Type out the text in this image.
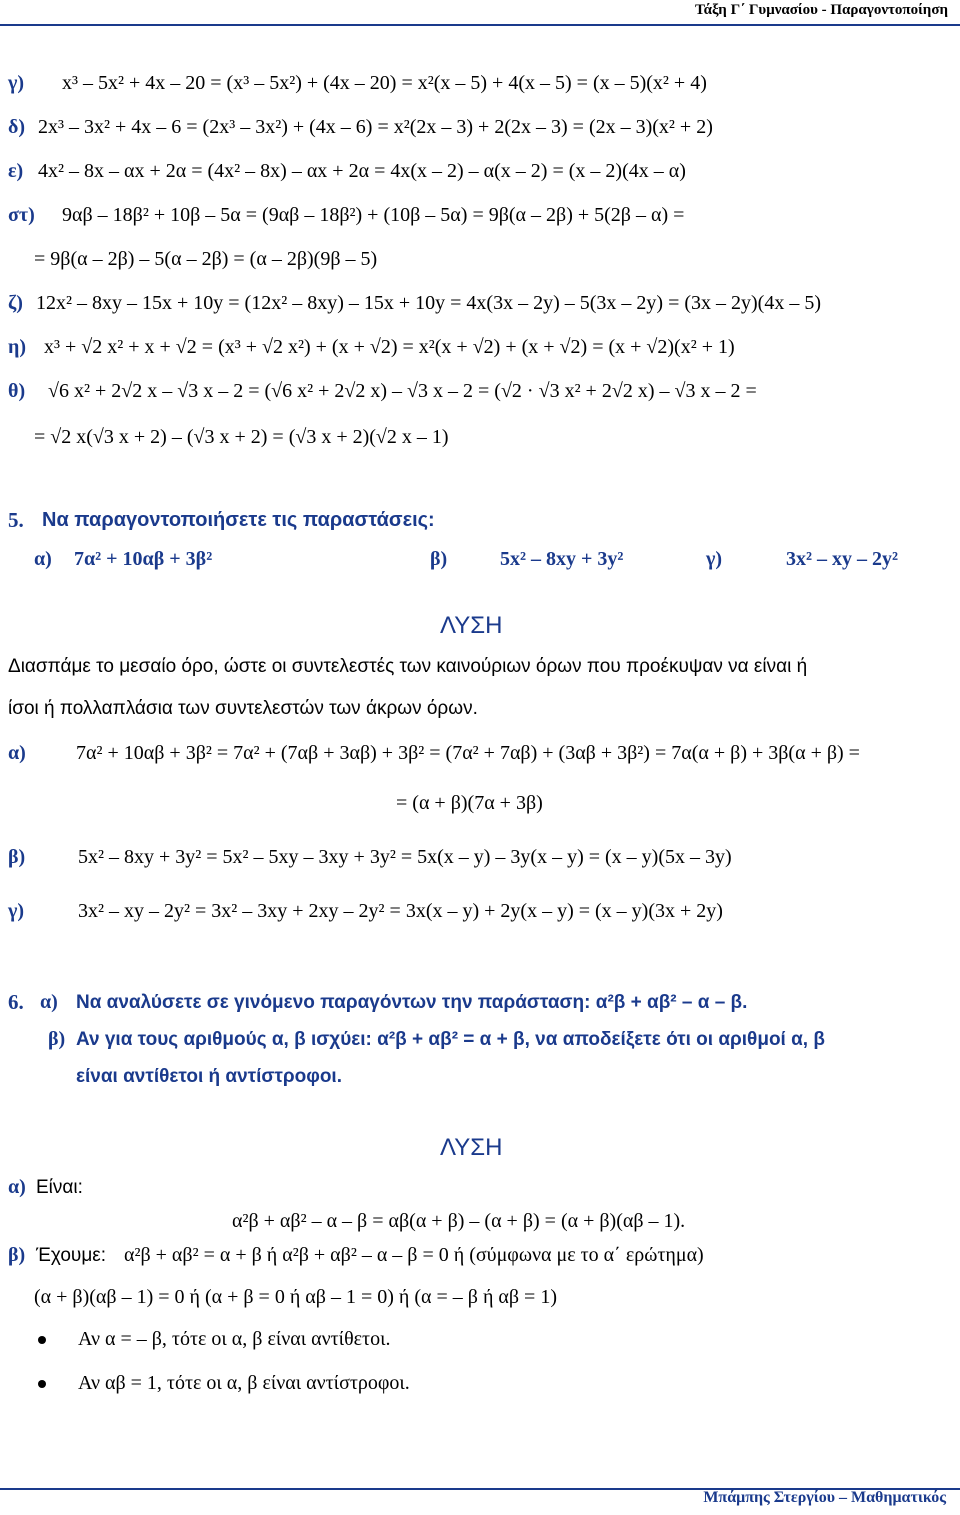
Τάξη Γ΄ Γυμνασίου - Παραγοντοποίηση
γ) x³ – 5x² + 4x – 20 = (x³ – 5x²) + (4x – 20) = x²(x – 5) + 4(x – 5) = (x – 5)(x² + 4)
δ) 2x³ – 3x² + 4x – 6 = (2x³ – 3x²) + (4x – 6) = x²(2x – 3) + 2(2x – 3) = (2x – 3)(x² + 2)
ε) 4x² – 8x – αx + 2α = (4x² – 8x) – αx + 2α = 4x(x – 2) – α(x – 2) = (x – 2)(4x – α)
στ) 9αβ – 18β² + 10β – 5α = (9αβ – 18β²) + (10β – 5α) = 9β(α – 2β) + 5(2β – α) =
= 9β(α – 2β) – 5(α – 2β) = (α – 2β)(9β – 5)
ζ) 12x² – 8xy – 15x + 10y = (12x² – 8xy) – 15x + 10y = 4x(3x – 2y) – 5(3x – 2y) = (3x – 2y)(4x – 5)
η) x³ + √2 x² + x + √2 = (x³ + √2 x²) + (x + √2) = x²(x + √2) + (x + √2) = (x + √2)(x² + 1)
θ) √6 x² + 2√2 x – √3 x – 2 = (√6 x² + 2√2 x) – √3 x – 2 = (√2 · √3 x² + 2√2 x) – √3 x – 2 =
= √2 x(√3 x + 2) – (√3 x + 2) = (√3 x + 2)(√2 x – 1)
5. Να παραγοντοποιήσετε τις παραστάσεις:
α) 7α² + 10αβ + 3β²	β)	5x² – 8xy + 3y²	γ)	3x² – xy – 2y²
ΛΥΣΗ
Διασπάμε το μεσαίο όρο, ώστε οι συντελεστές των καινούριων όρων που προέκυψαν να είναι ή
ίσοι ή πολλαπλάσια των συντελεστών των άκρων όρων.
α)	7α² + 10αβ + 3β² = 7α² + (7αβ + 3αβ) + 3β² = (7α² + 7αβ) + (3αβ + 3β²) = 7α(α + β) + 3β(α + β) =
= (α + β)(7α + 3β)
β)	5x² – 8xy + 3y² = 5x² – 5xy – 3xy + 3y² = 5x(x – y) – 3y(x – y) = (x – y)(5x – 3y)
γ)	3x² – xy – 2y² = 3x² – 3xy + 2xy – 2y² = 3x(x – y) + 2y(x – y) = (x – y)(3x + 2y)
6. α) Να αναλύσετε σε γινόμενο παραγόντων την παράσταση: α²β + αβ² – α – β.
β) Αν για τους αριθμούς α, β ισχύει: α²β + αβ² = α + β, να αποδείξετε ότι οι αριθμοί α, β
είναι αντίθετοι ή αντίστροφοι.
ΛΥΣΗ
α) Είναι:
α²β + αβ² – α – β = αβ(α + β) – (α + β) = (α + β)(αβ – 1).
β) Έχουμε: α²β + αβ² = α + β ή α²β + αβ² – α – β = 0 ή (σύμφωνα με το α΄ ερώτημα)
(α + β)(αβ – 1) = 0 ή (α + β = 0 ή αβ – 1 = 0) ή (α = – β ή αβ = 1)
Αν α = – β, τότε οι α, β είναι αντίθετοι.
Αν αβ = 1, τότε οι α, β είναι αντίστροφοι.
Μπάμπης Στεργίου – Μαθηματικός
